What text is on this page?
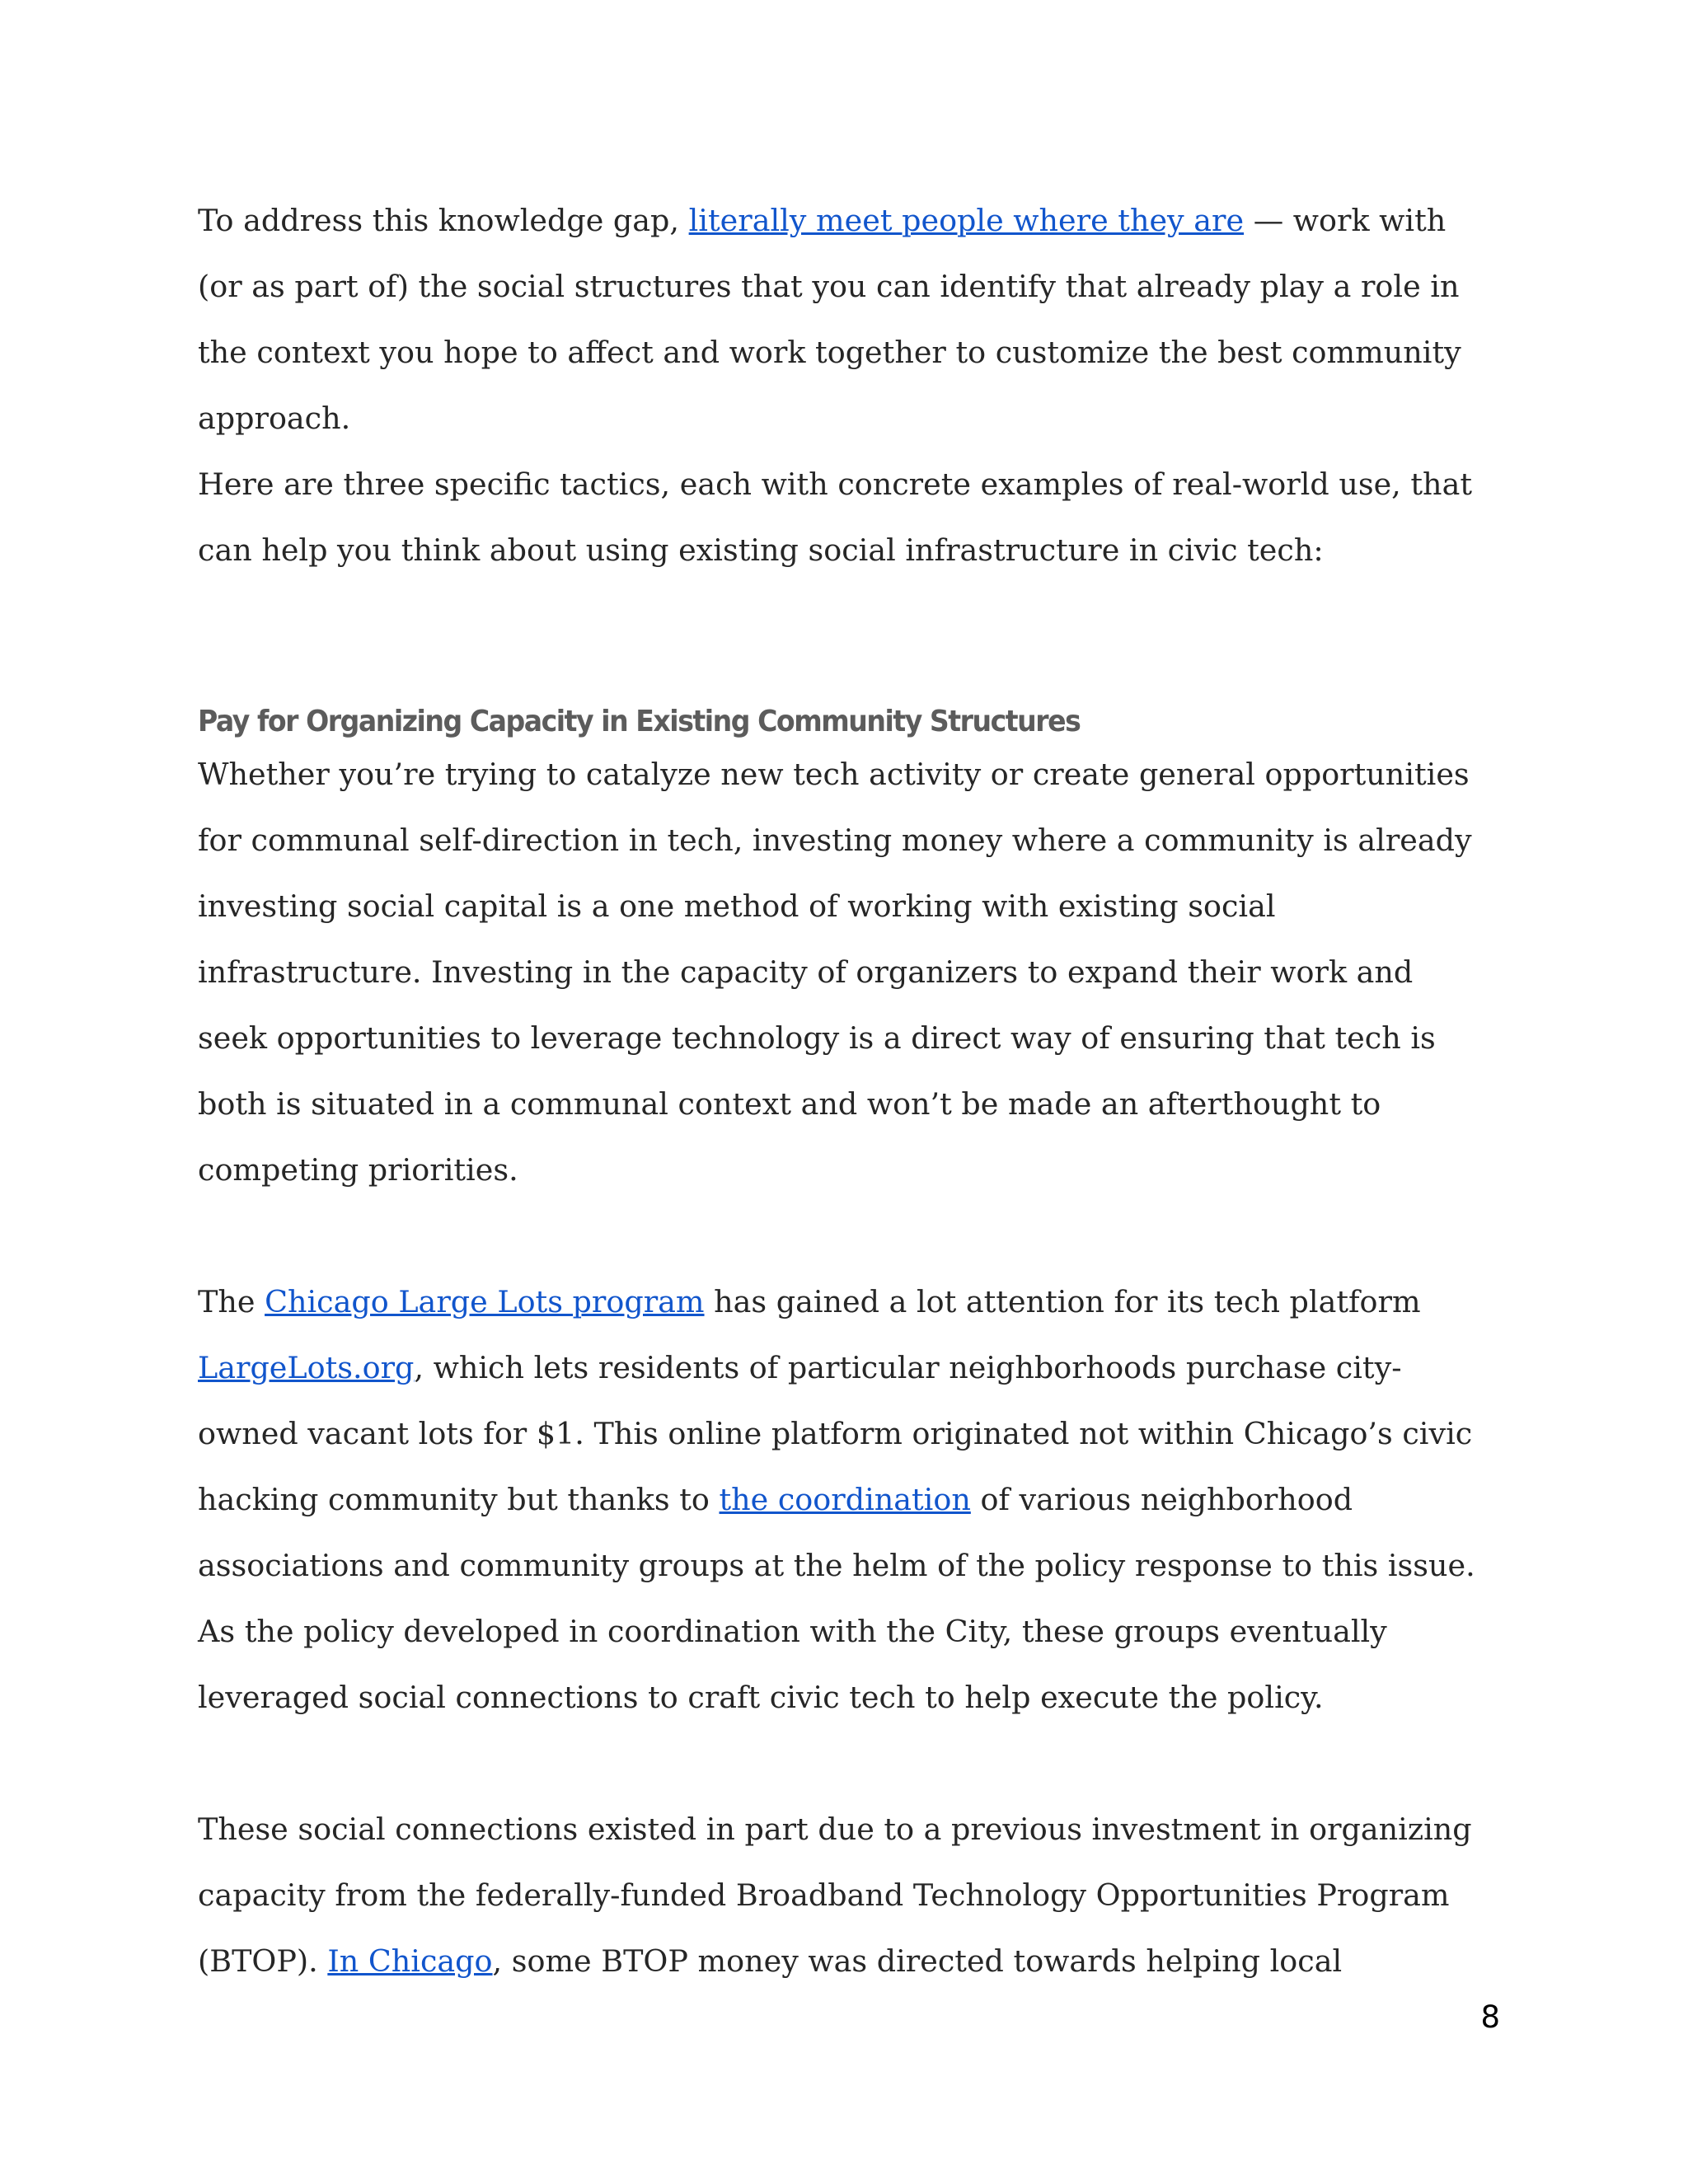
To address this knowledge gap, literally meet people where they are — work with (or as part of) the social structures that you can identify that already play a role in the context you hope to affect and work together to customize the best community approach.

Here are three specific tactics, each with concrete examples of real-world use, that can help you think about using existing social infrastructure in civic tech:

Pay for Organizing Capacity in Existing Community Structures

Whether you’re trying to catalyze new tech activity or create general opportunities for communal self-direction in tech, investing money where a community is already investing social capital is a one method of working with existing social infrastructure. Investing in the capacity of organizers to expand their work and seek opportunities to leverage technology is a direct way of ensuring that tech is both is situated in a communal context and won’t be made an afterthought to competing priorities.

The Chicago Large Lots program has gained a lot attention for its tech platform LargeLots.org, which lets residents of particular neighborhoods purchase city-owned vacant lots for $1. This online platform originated not within Chicago’s civic hacking community but thanks to the coordination of various neighborhood associations and community groups at the helm of the policy response to this issue. As the policy developed in coordination with the City, these groups eventually leveraged social connections to craft civic tech to help execute the policy.

These social connections existed in part due to a previous investment in organizing capacity from the federally-funded Broadband Technology Opportunities Program (BTOP). In Chicago, some BTOP money was directed towards helping local

8
